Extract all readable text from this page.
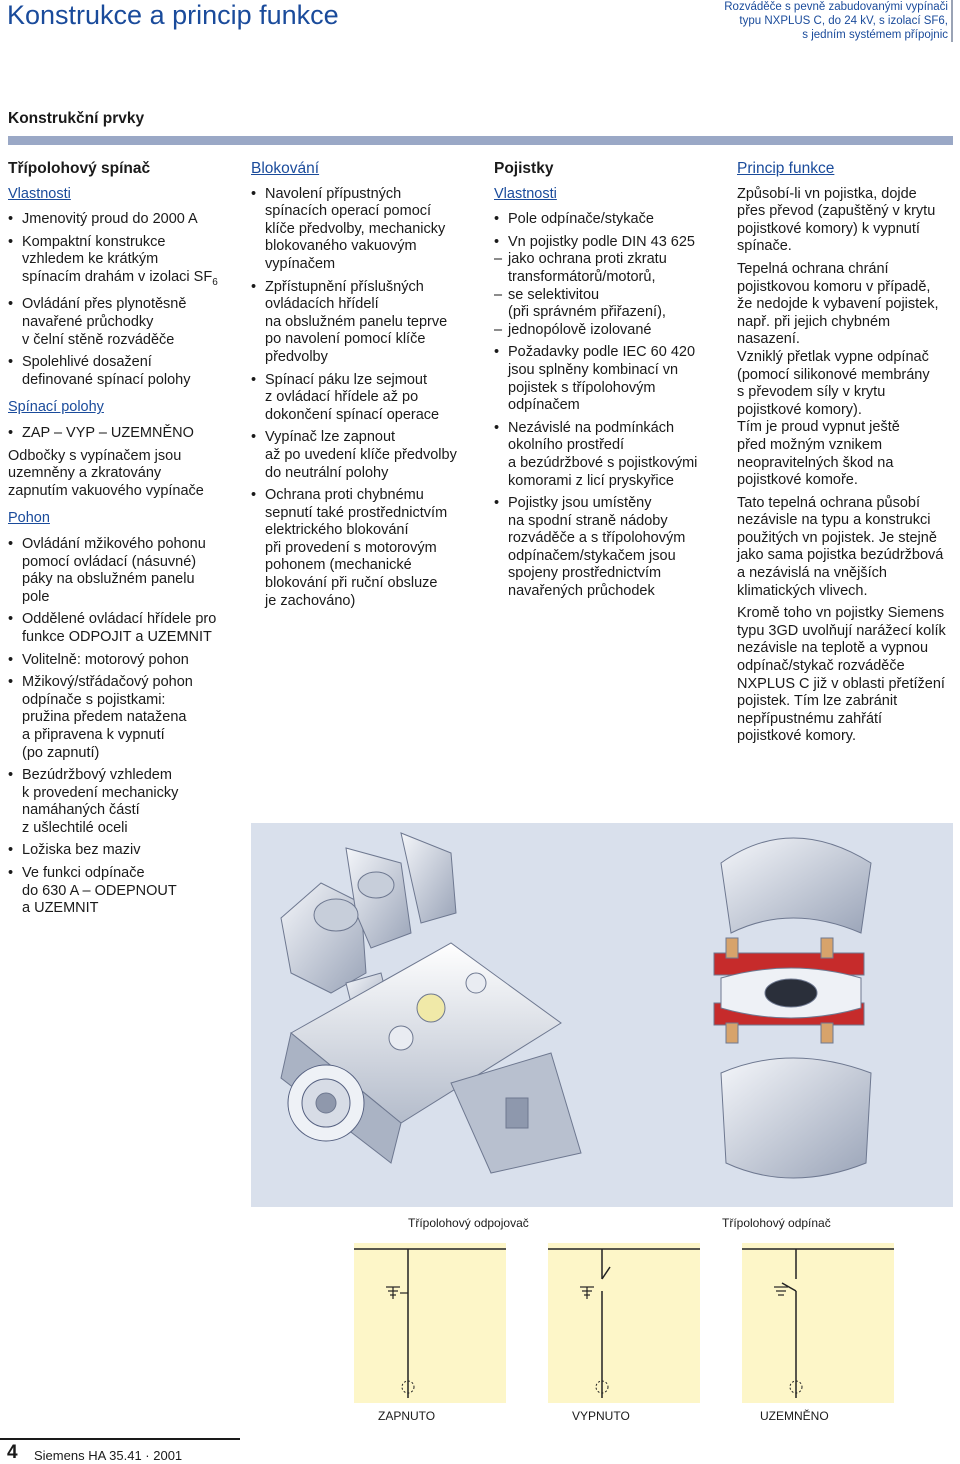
Konstrukce a princip funkce	Rozváděče s pevně zabudovanými vypínači
typu NXPLUS C, do 24 kV, s izolací SF6,
s jedním systémem přípojnic
Konstrukční prvky
Třípolohový spínač
Vlastnosti
• Jmenovitý proud do 2000 A
• Kompaktní konstrukce
vzhledem ke krátkým
spínacím drahám v izolaci $SF_6$
• Ovládání přes plynotěsně
navařené průchodky
v čelní stěně rozváděče
• Spolehlivé dosažení
definované spínací polohy
Spínací polohy
• ZAP – VYP – UZEMNĚNO

Odbočky s vypínačem jsou
uzemněny a zkratovány
zapnutím vakuového vypínače

Pohon
• Ovládání mžikového pohonu
pomocí ovládací (násuvné)
páky na obslužném panelu
pole
• Oddělené ovládací hřídele pro
funkce ODPOJIT a UZEMNIT
• Volitelně: motorový pohon
• Mžikový/střádačový pohon
odpínače s pojistkami:
pružina předem natažena
a připravena k vypnutí
(po zapnutí)
• Bezúdržbový vzhledem
k provedení mechanicky
namáhaných částí
z ušlechtilé oceli
• Ložiska bez maziv
• Ve funkci odpínače
do 630 A – ODEPNOUT
a UZEMNIT
Blokování
• Navolení přípustných
spínacích operací pomocí
klíče předvolby, mechanicky
blokovaného vakuovým
vypínačem
• Zpřístupnění příslušných
ovládacích hřídelí
na obslužném panelu teprve
po navolení pomocí klíče
předvolby
• Spínací páku lze sejmout
z ovládací hřídele až po
dokončení spínací operace
• Vypínač lze zapnout
až po uvedení klíče předvolby
do neutrální polohy
• Ochrana proti chybnému
sepnutí také prostřednictvím
elektrického blokování
při provedení s motorovým
pohonem (mechanické
blokování při ruční obsluze
je zachováno)
Pojistky
Vlastnosti
• Pole odpínače/stykače
• Vn pojistky podle DIN 43 625
– jako ochrana proti zkratu
transformátorů/motorů,
– se selektivitou
(při správném přiřazení),
– jednopólově izolované
• Požadavky podle IEC 60 420
jsou splněny kombinací vn
pojistek s třípolohovým
odpínačem
• Nezávislé na podmínkách
okolního prostředí
a bezúdržbové s pojistkovými
komorami z licí pryskyřice
• Pojistky jsou umístěny
na spodní straně nádoby
rozváděče a s třípolohovým
odpínačem/stykačem jsou
spojeny prostřednictvím
navařených průchodek
Princip funkce

Způsobí-li vn pojistka, dojde
přes převod (zapuštěný v krytu
pojistkové komory) k vypnutí
spínače.

Tepelná ochrana chrání
pojistkovou komoru v případě,
že nedojde k vybavení pojistek,
např. při jejich chybném nasazení.
Vzniklý přetlak vypne odpínač
(pomocí silikonové membrány
s převodem síly v krytu
pojistkové komory).
Tím je proud vypnut ještě
před možným vznikem
neopravitelných škod na
pojistkové komoře.

Tato tepelná ochrana působí
nezávisle na typu a konstrukci
použitých vn pojistek. Je stejně
jako sama pojistka bezúdržbová
a nezávislá na vnějších
klimatických vlivech.

Kromě toho vn pojistky Siemens
typu 3GD uvolňují narážecí kolík
nezávisle na teplotě a vypnou
odpínač/stykač rozváděče
NXPLUS C již v oblasti přetížení
pojistek. Tím lze zabránit
nepřípustnému zahřátí
pojistkové komory.

Třípolohový odpojovač	Třípolohový odpínač
ZAPNUTO	VYPNUTO	UZEMNĚNO
4 Siemens HA 35.41 · 2001
